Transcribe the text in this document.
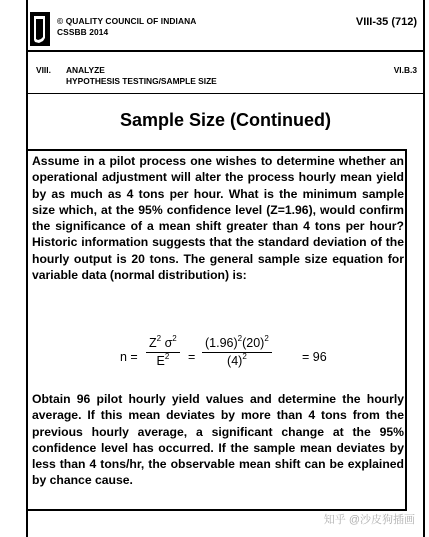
© QUALITY COUNCIL OF INDIANA
CSSBB 2014
VIII-35 (712)
VIII. ANALYZE
HYPOTHESIS TESTING/SAMPLE SIZE
VI.B.3
Sample Size (Continued)

Assume in a pilot process one wishes to determine whether an operational adjustment will alter the process hourly mean yield by as much as 4 tons per hour. What is the minimum sample size which, at the 95% confidence level (Z=1.96), would confirm the significance of a mean shift greater than 4 tons per hour? Historic information suggests that the standard deviation of the hourly output is 20 tons. The general sample size equation for variable data (normal distribution) is:

$n = \frac{Z^2 \sigma^2}{E^2} = \frac{(1.96)^2(20)^2}{(4)^2} = 96$

Obtain 96 pilot hourly yield values and determine the hourly average. If this mean deviates by more than 4 tons from the previous hourly average, a significant change at the 95% confidence level has occurred. If the sample mean deviates by less than 4 tons/hr, the observable mean shift can be explained by chance cause.

知乎 @沙皮狗插画
